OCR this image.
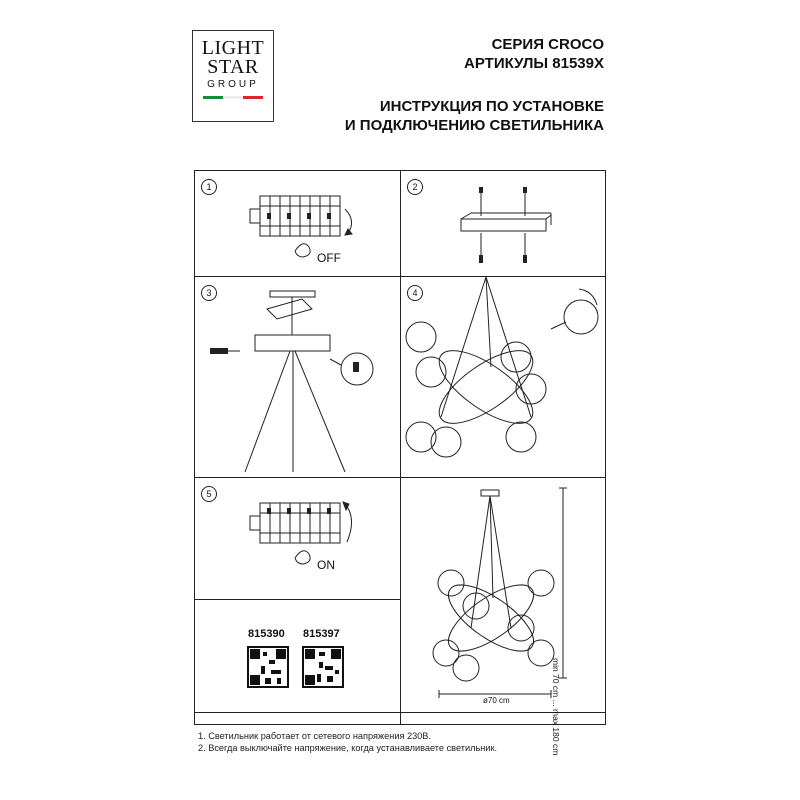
LIGHT
STAR
GROUP
СЕРИЯ CROCO
АРТИКУЛЫ 81539X
ИНСТРУКЦИЯ ПО УСТАНОВКЕ
И ПОДКЛЮЧЕНИЮ СВЕТИЛЬНИКА
1
OFF
2
3	4
5
ON
min 70 cm ... max 180 cm
ø70 cm
815390 815397
1. Светильник работает от сетевого напряжения 230В.
2. Всегда выключайте напряжение, когда устанавливаете светильник.
